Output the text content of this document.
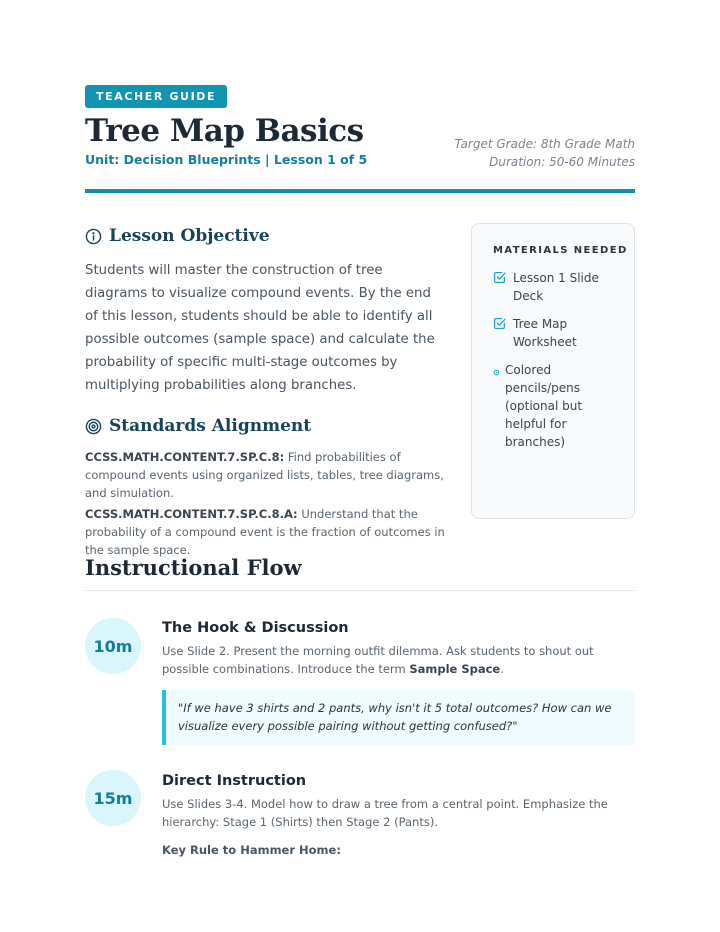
TEACHER GUIDE
Tree Map Basics
Unit: Decision Blueprints | Lesson 1 of 5
Target Grade: 8th Grade Math
Duration: 50-60 Minutes
Lesson Objective

Students will master the construction of tree diagrams to visualize compound events. By the end of this lesson, students should be able to identify all possible outcomes (sample space) and calculate the probability of specific multi-stage outcomes by multiplying probabilities along branches.

Standards Alignment

CCSS.MATH.CONTENT.7.SP.C.8: Find probabilities of compound events using organized lists, tables, tree diagrams, and simulation.

CCSS.MATH.CONTENT.7.SP.C.8.A: Understand that the probability of a compound event is the fraction of outcomes in the sample space.

MATERIALS NEEDED
Lesson 1 Slide Deck
Tree Map Worksheet
Colored pencils/pens (optional but helpful for branches)
Instructional Flow
10m
The Hook & Discussion

Use Slide 2. Present the morning outfit dilemma. Ask students to shout out possible combinations. Introduce the term Sample Space.

"If we have 3 shirts and 2 pants, why isn't it 5 total outcomes? How can we visualize every possible pairing without getting confused?"
15m
Direct Instruction

Use Slides 3-4. Model how to draw a tree from a central point. Emphasize the hierarchy: Stage 1 (Shirts) then Stage 2 (Pants).

Key Rule to Hammer Home:
